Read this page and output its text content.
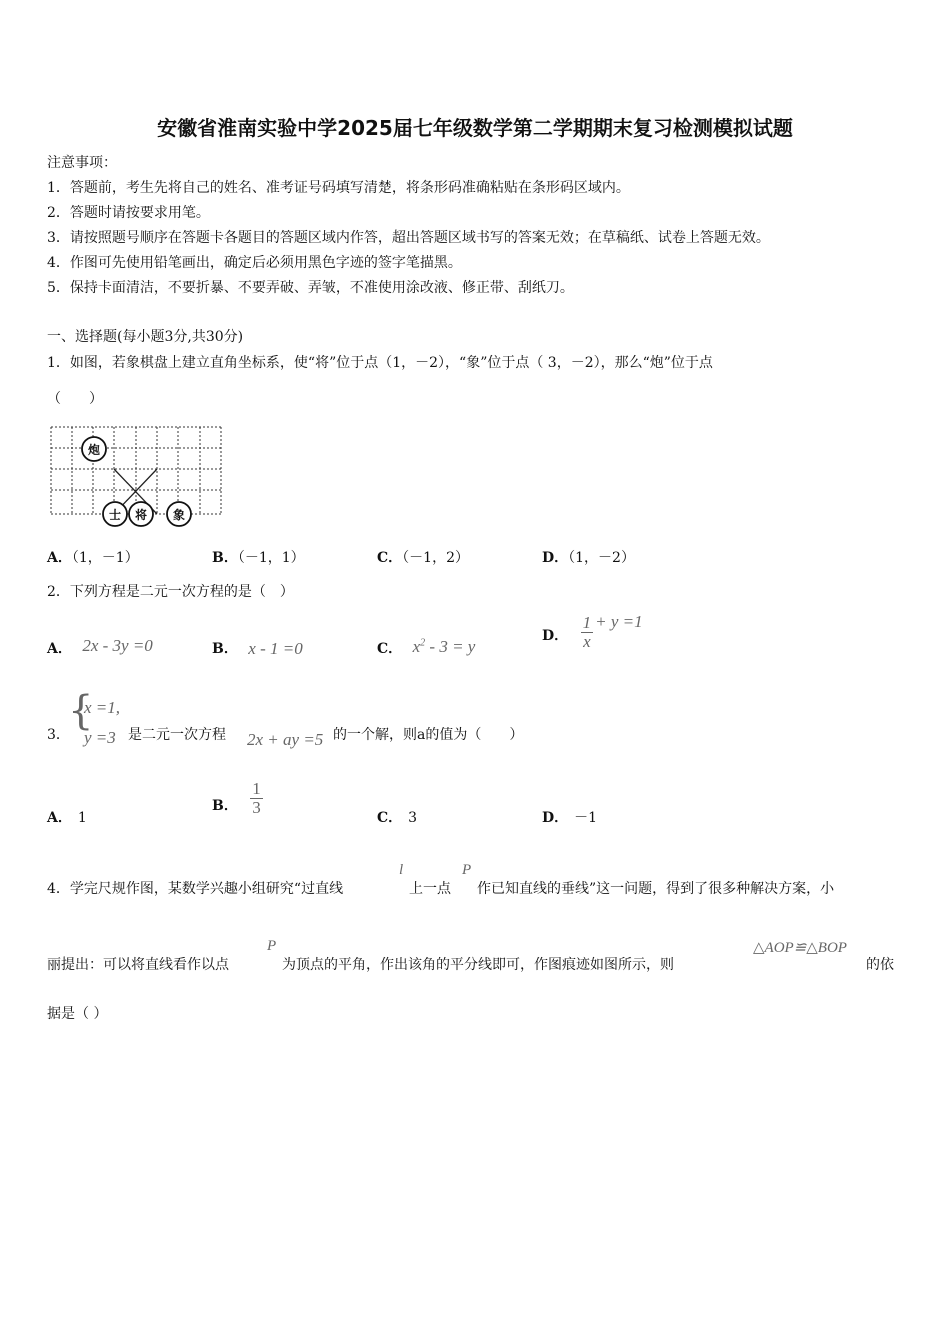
安徽省淮南实验中学2025届七年级数学第二学期期末复习检测模拟试题
注意事项：
1．答题前，考生先将自己的姓名、准考证号码填写清楚，将条形码准确粘贴在条形码区域内。
2．答题时请按要求用笔。
3．请按照题号顺序在答题卡各题目的答题区域内作答，超出答题区域书写的答案无效；在草稿纸、试卷上答题无效。
4．作图可先使用铅笔画出，确定后必须用黑色字迹的签字笔描黑。
5．保持卡面清洁，不要折暴、不要弄破、弄皱，不准使用涂改液、修正带、刮纸刀。
一、选择题(每小题3分,共30分)
1．如图，若象棋盘上建立直角坐标系，使“将”位于点（1，－2），“象”位于点（ 3，－2），那么“炮”位于点
（　　）
炮
士 将 象
A．（1，－1）	B．（－1，1）	C．（－1，2）	D．（1，－2）
2．下列方程是二元一次方程的是（　）
A． 2x - 3y =0	B． x - 1 =0	C． $x^2 - 3 = y$
D． $\frac{1}{x} + y =1$
3．
{
x =1,
y =3 是二元一次方程 2x + ay =5 的一个解，则a的值为（　　）
A． 1
B． $\frac{1}{3}$
C． 3	D． －1
4．学完尺规作图，某数学兴趣小组研究“过直线
l
上一点
P
作已知直线的垂线”这一问题，得到了很多种解决方案，小
丽提出：可以将直线看作以点
P
为顶点的平角，作出该角的平分线即可，作图痕迹如图所示，则
△AOP≌△BOP
的依
据是（ ）
